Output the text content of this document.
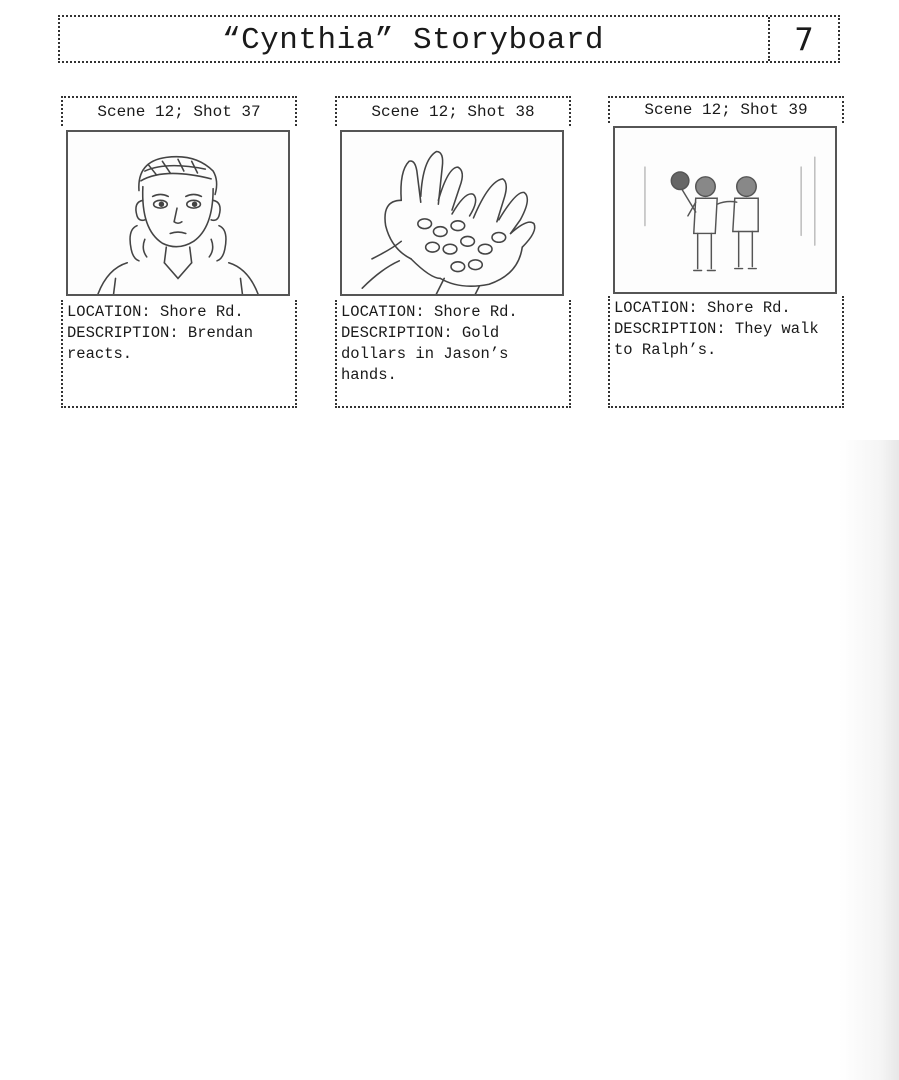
“Cynthia” Storyboard	7
Scene 12; Shot 37
LOCATION: Shore Rd.
DESCRIPTION: Brendan reacts.
Scene 12; Shot 38
LOCATION: Shore Rd.
DESCRIPTION: Gold dollars in Jason’s hands.
Scene 12; Shot 39
LOCATION: Shore Rd.
DESCRIPTION: They walk to Ralph’s.
